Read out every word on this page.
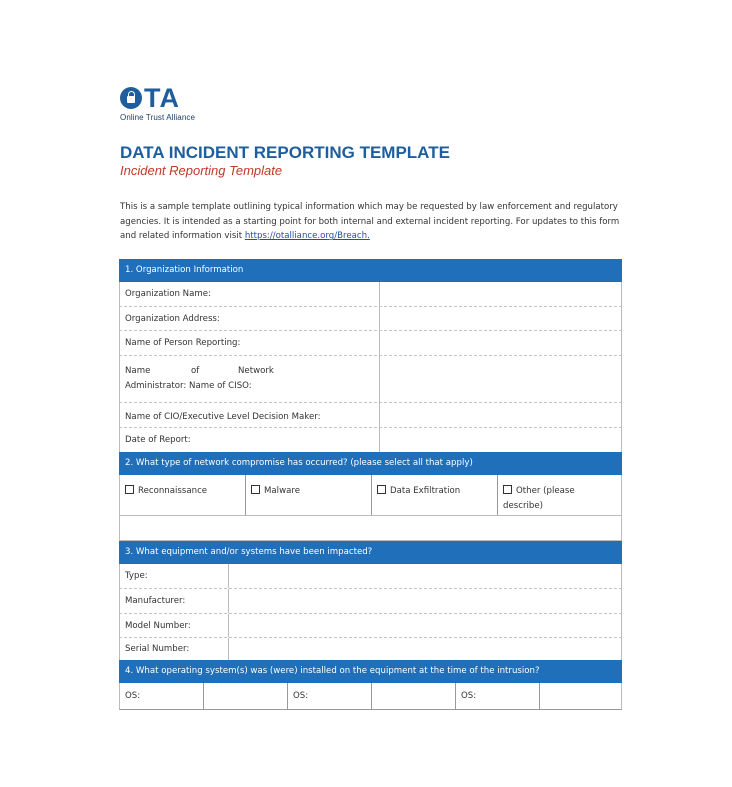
TA
Online Trust Alliance
DATA INCIDENT REPORTING TEMPLATE
Incident Reporting Template
This is a sample template outlining typical information which may be requested by law enforcement and regulatory agencies. It is intended as a starting point for both internal and external incident reporting. For updates to this form and related information visit https://otalliance.org/Breach.
1. Organization Information
Organization Name:
Organization Address:
Name of Person Reporting:
Name	of	Network
Administrator: Name of CISO:
Name of CIO/Executive Level Decision Maker:
Date of Report:
2. What type of network compromise has occurred? (please select all that apply)
Reconnaissance	Malware	Data Exfiltration	Other (please describe)
3. What equipment and/or systems have been impacted?
Type:
Manufacturer:
Model Number:
Serial Number:
4. What operating system(s) was (were) installed on the equipment at the time of the intrusion?
OS:	OS:	OS:
